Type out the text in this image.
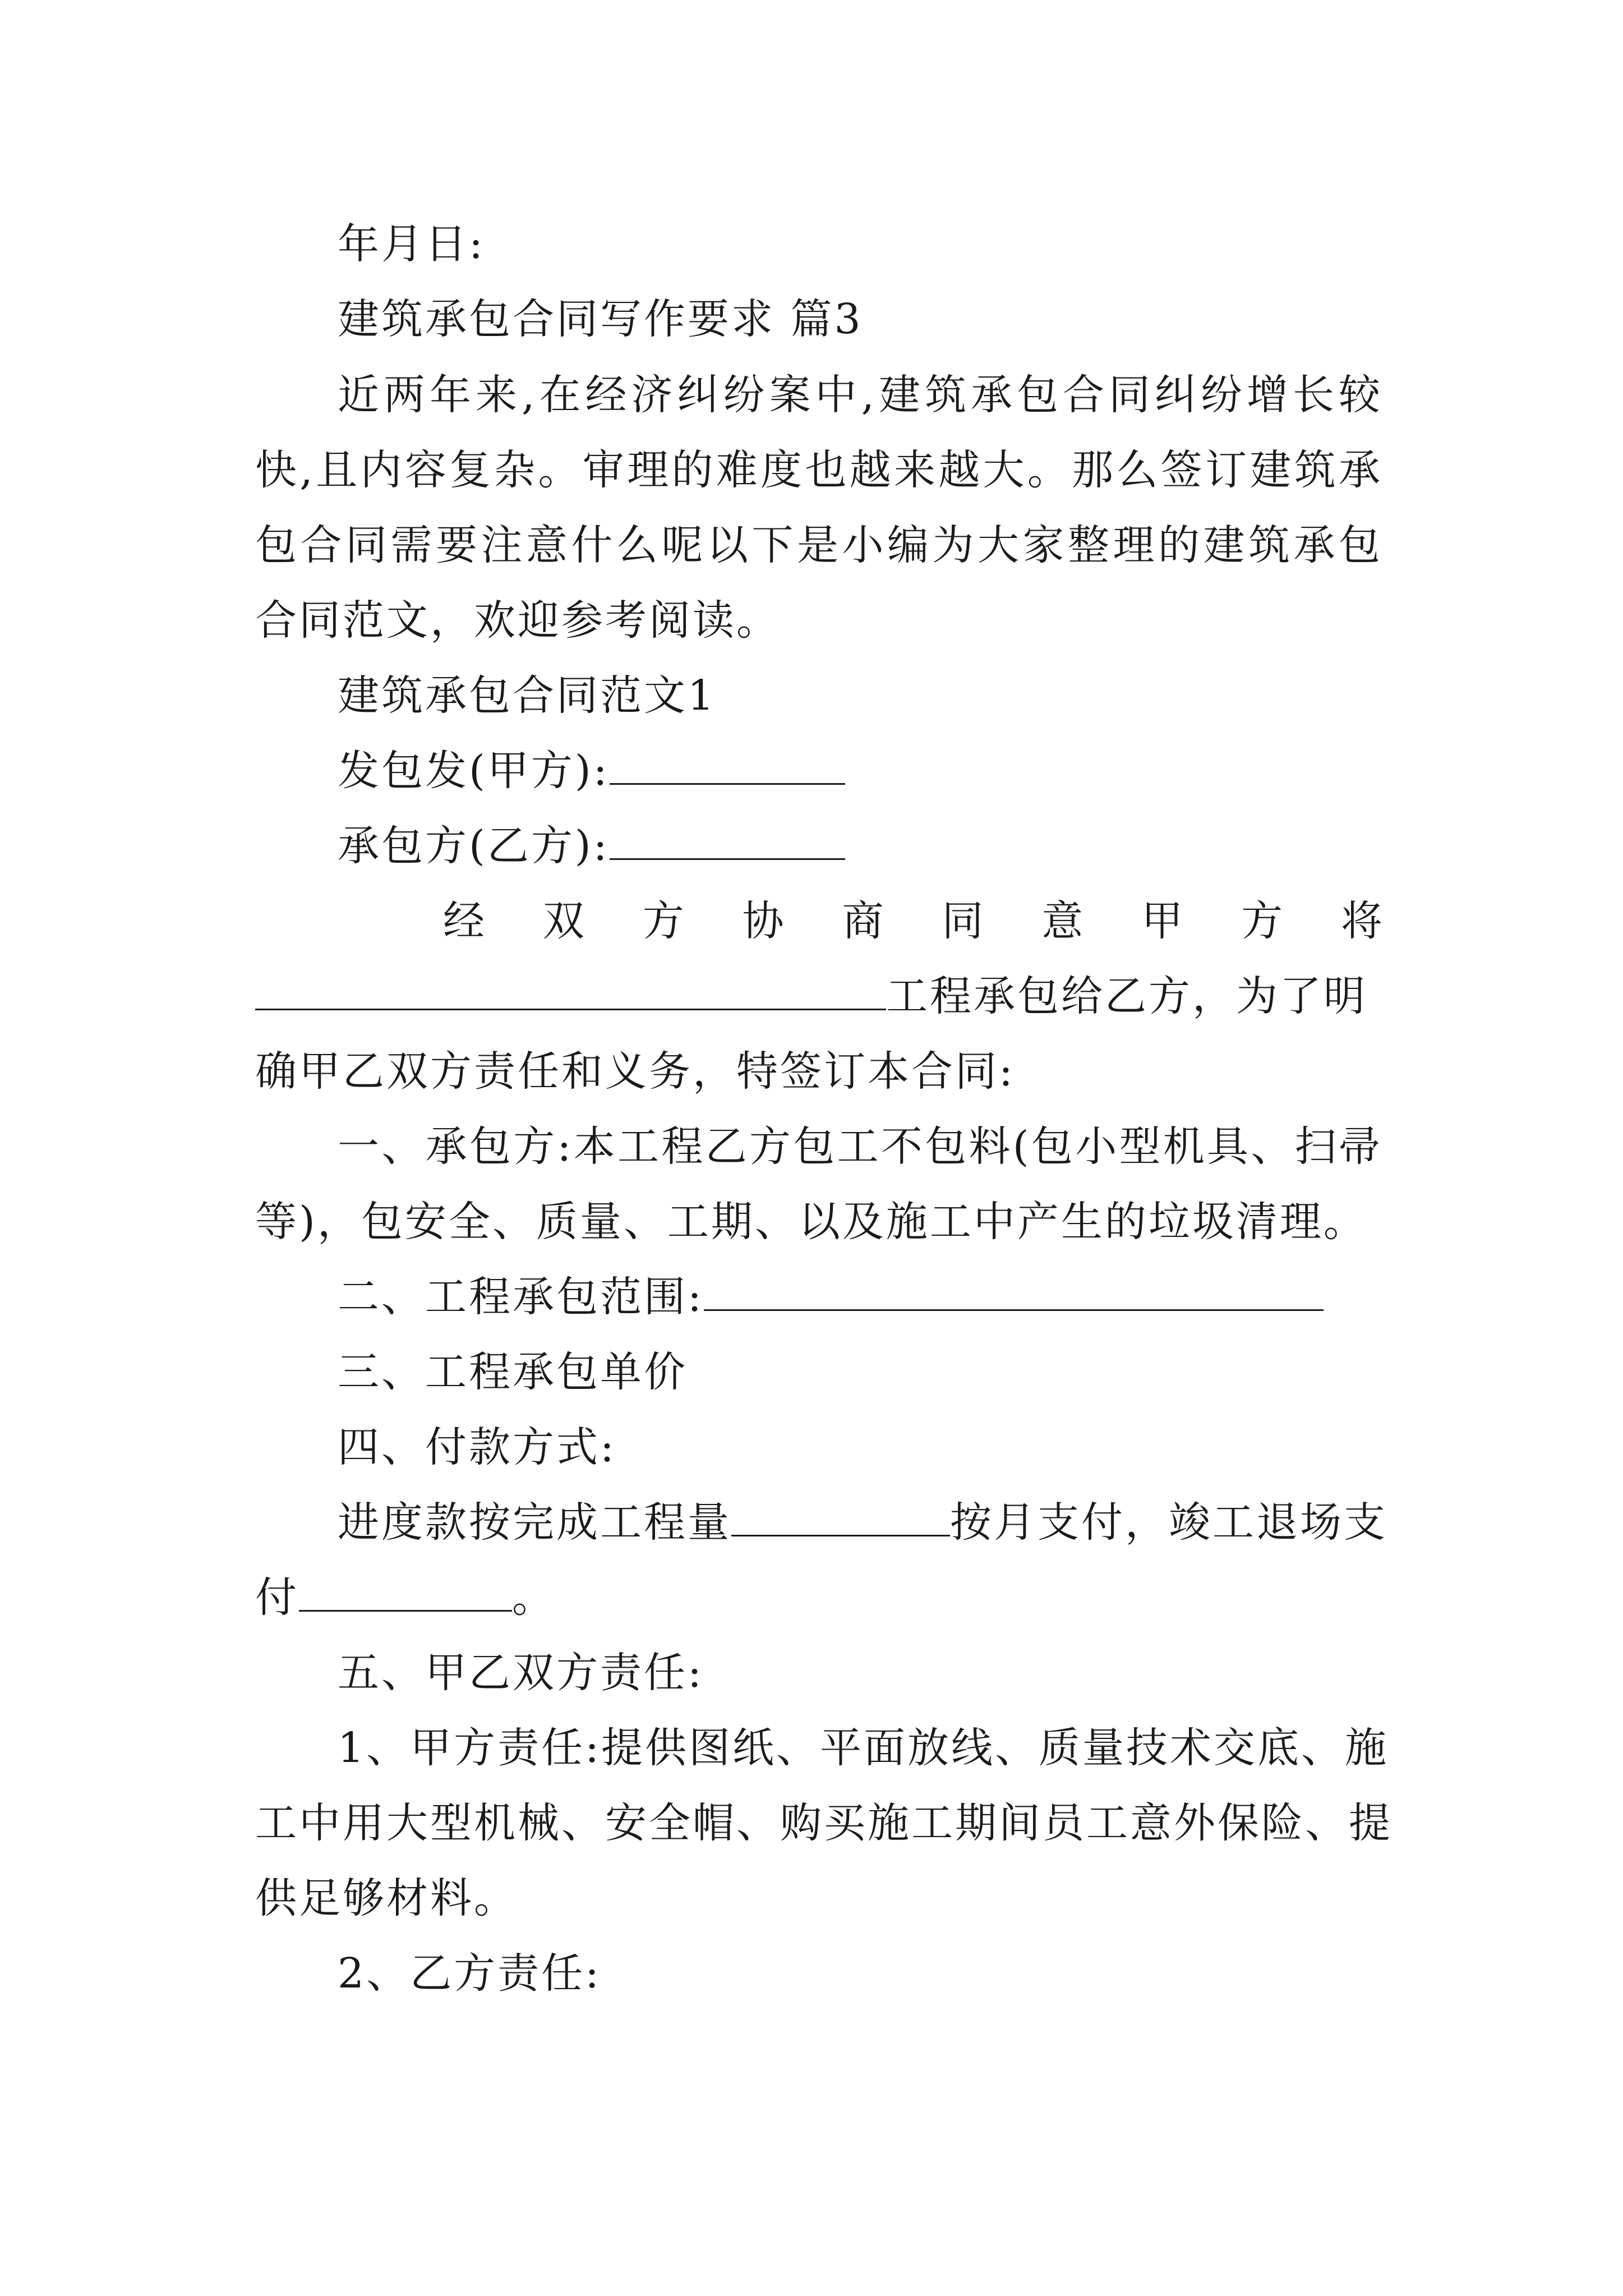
年月日:
建筑承包合同写作要求 篇3
近两年来,在经济纠纷案中,建筑承包合同纠纷增长较
快,且内容复杂。审理的难度也越来越大。那么签订建筑承
包合同需要注意什么呢以下是小编为大家整理的建筑承包
合同范文，欢迎参考阅读。
建筑承包合同范文1
发包发(甲方):
承包方(乙方):
经双方协商同意甲方将
工程承包给乙方，为了明
确甲乙双方责任和义务，特签订本合同:
一、承包方:本工程乙方包工不包料(包小型机具、扫帚
等)，包安全、质量、工期、以及施工中产生的垃圾清理。
二、工程承包范围:
三、工程承包单价
四、付款方式:
进度款按完成工程量	按月支付，竣工退场支
付	。
五、甲乙双方责任:
1、甲方责任:提供图纸、平面放线、质量技术交底、施
工中用大型机械、安全帽、购买施工期间员工意外保险、提
供足够材料。
2、乙方责任:
